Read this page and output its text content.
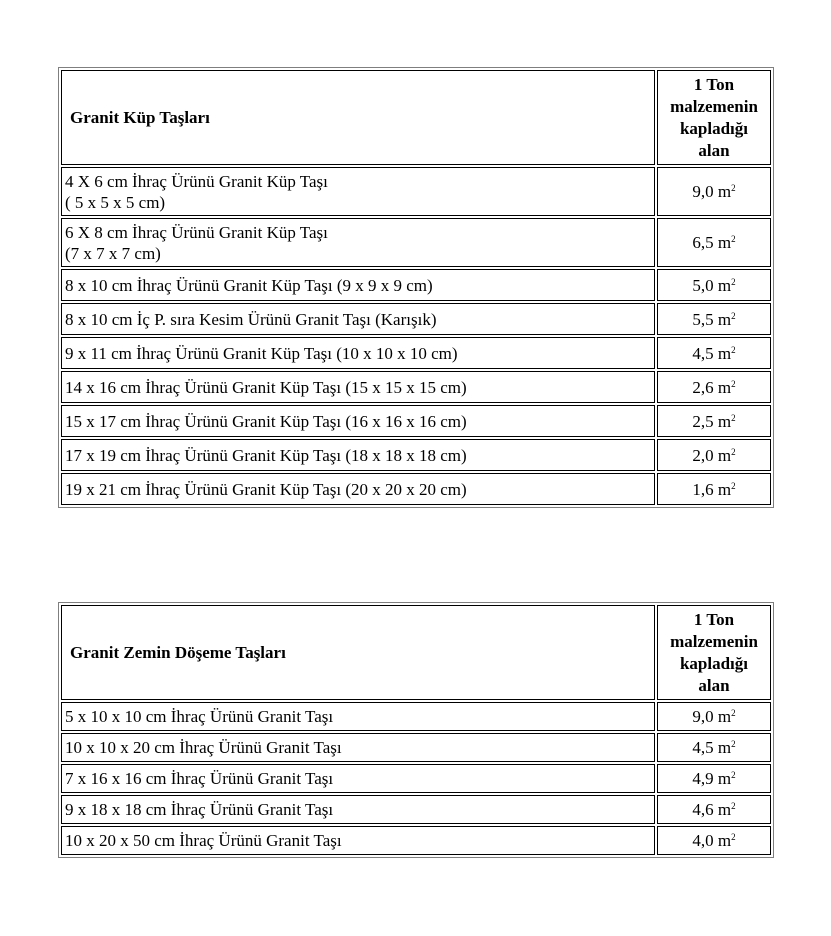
Granit Küp Taşları	1 Ton
malzemenin
kapladığı
alan

4 X 6 cm İhraç Ürünü Granit Küp Taşı
( 5 x 5 x 5 cm)	9,0 $m^2$

6 X 8 cm İhraç Ürünü Granit Küp Taşı
(7 x 7 x 7 cm)	6,5 $m^2$
8 x 10 cm İhraç Ürünü Granit Küp Taşı (9 x 9 x 9 cm)	5,0 $m^2$
8 x 10 cm İç P. sıra Kesim Ürünü Granit Taşı (Karışık)	5,5 $m^2$
9 x 11 cm İhraç Ürünü Granit Küp Taşı (10 x 10 x 10 cm)	4,5 $m^2$
14 x 16 cm İhraç Ürünü Granit Küp Taşı (15 x 15 x 15 cm)	2,6 $m^2$
15 x 17 cm İhraç Ürünü Granit Küp Taşı (16 x 16 x 16 cm)	2,5 $m^2$
17 x 19 cm İhraç Ürünü Granit Küp Taşı (18 x 18 x 18 cm)	2,0 $m^2$
19 x 21 cm İhraç Ürünü Granit Küp Taşı (20 x 20 x 20 cm)	1,6 $m^2$
Granit Zemin Döşeme Taşları	1 Ton
malzemenin
kapladığı
alan

5 x 10 x 10 cm İhraç Ürünü Granit Taşı	9,0 $m^2$
10 x 10 x 20 cm İhraç Ürünü Granit Taşı	4,5 $m^2$
7 x 16 x 16 cm İhraç Ürünü Granit Taşı	4,9 $m^2$
9 x 18 x 18 cm İhraç Ürünü Granit Taşı	4,6 $m^2$
10 x 20 x 50 cm İhraç Ürünü Granit Taşı	4,0 $m^2$
